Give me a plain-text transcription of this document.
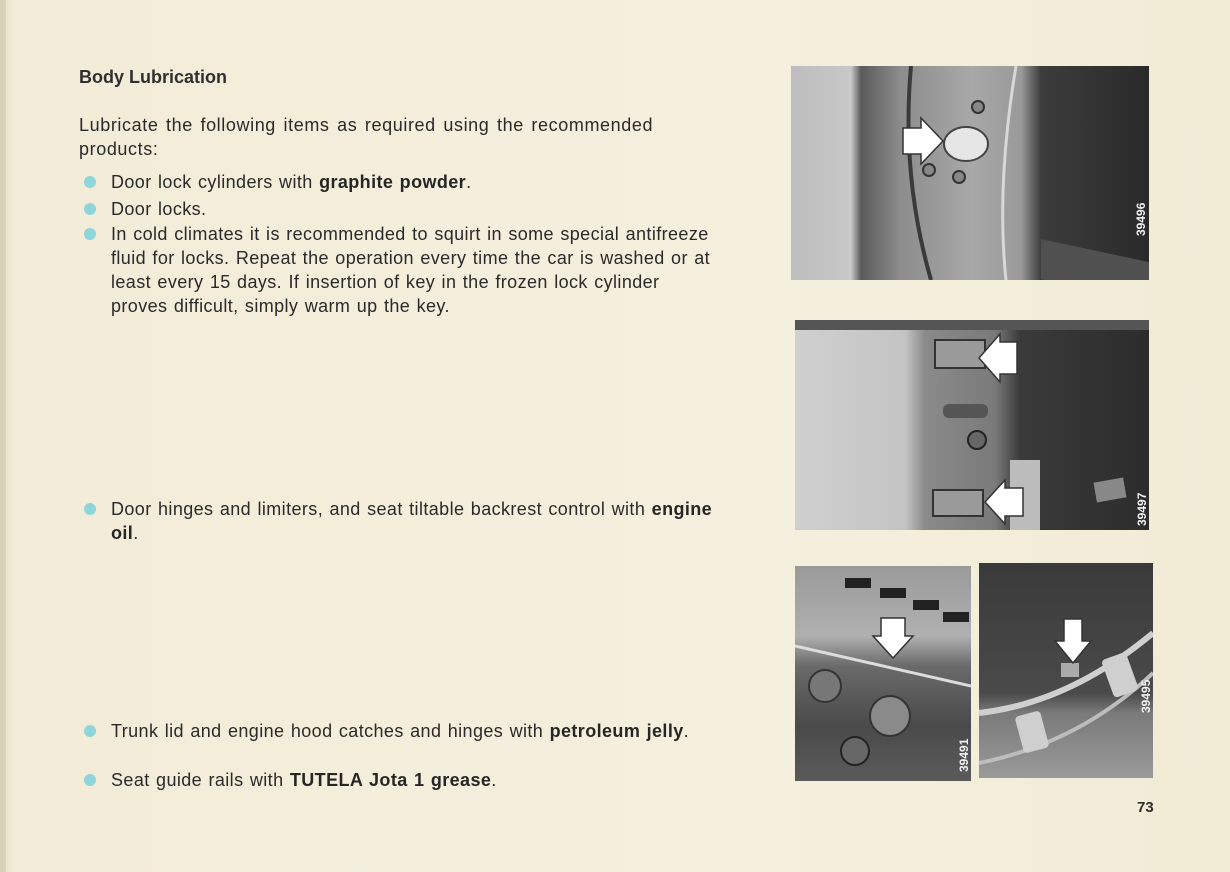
Body Lubrication
Lubricate the following items as required using the recommended products:
Door lock cylinders with graphite powder.
Door locks.
In cold climates it is recommended to squirt in some special antifreeze fluid for locks. Repeat the operation every time the car is washed or at least every 15 days. If insertion of key in the frozen lock cylinder proves difficult, simply warm up the key.
Door hinges and limiters, and seat tiltable backrest control with engine oil.
Trunk lid and engine hood catches and hinges with petroleum jelly.
Seat guide rails with TUTELA Jota 1 grease.
39496
39497
39491
39495
73
